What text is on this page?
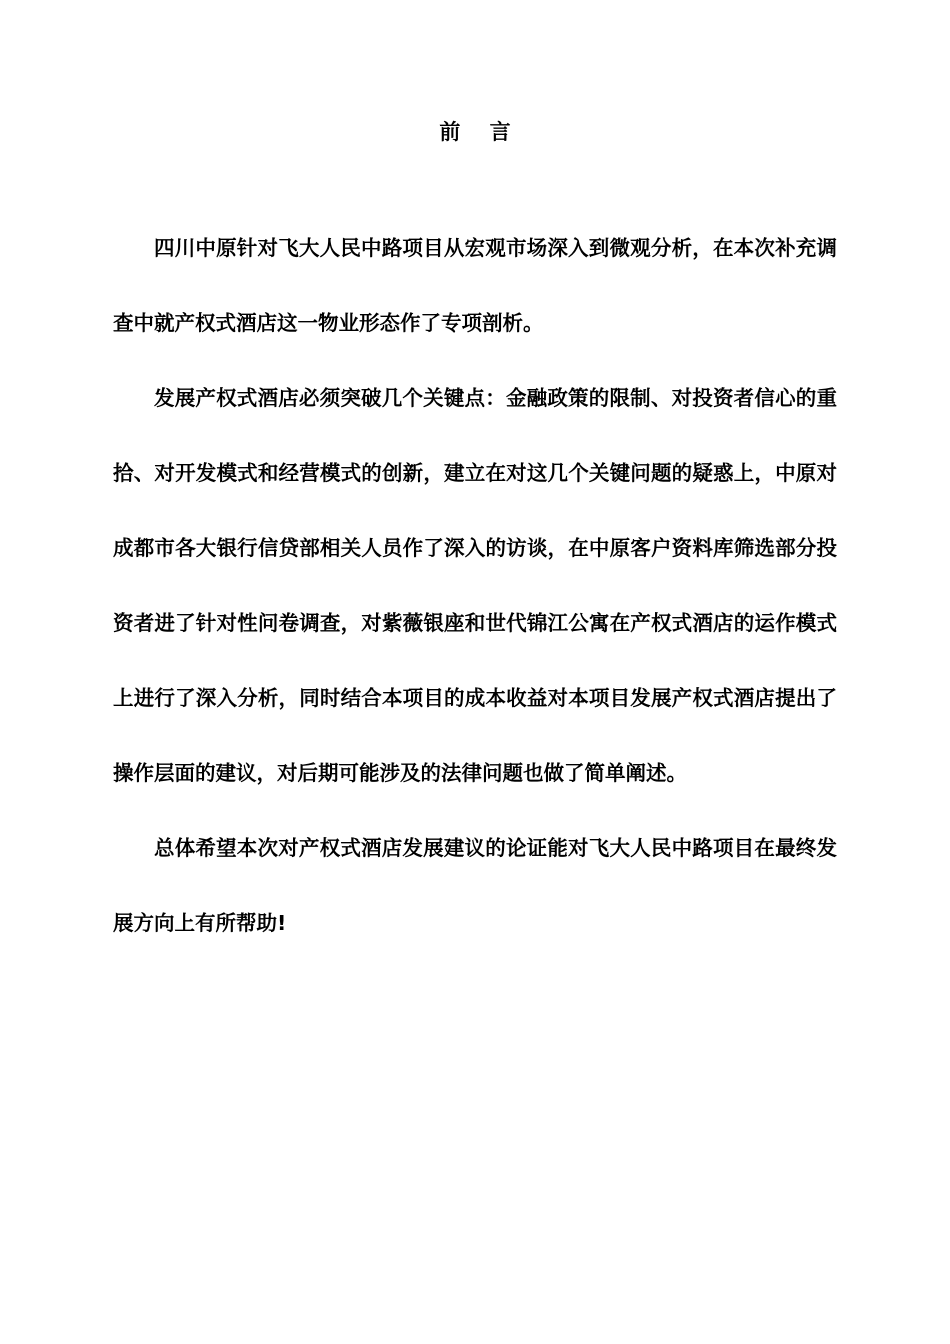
前    言

四川中原针对飞大人民中路项目从宏观市场深入到微观分析，在本次补充调查中就产权式酒店这一物业形态作了专项剖析。

发展产权式酒店必须突破几个关键点：金融政策的限制、对投资者信心的重拾、对开发模式和经营模式的创新，建立在对这几个关键问题的疑惑上，中原对成都市各大银行信贷部相关人员作了深入的访谈，在中原客户资料库筛选部分投资者进了针对性问卷调查，对紫薇银座和世代锦江公寓在产权式酒店的运作模式上进行了深入分析，同时结合本项目的成本收益对本项目发展产权式酒店提出了操作层面的建议，对后期可能涉及的法律问题也做了简单阐述。

总体希望本次对产权式酒店发展建议的论证能对飞大人民中路项目在最终发展方向上有所帮助!
